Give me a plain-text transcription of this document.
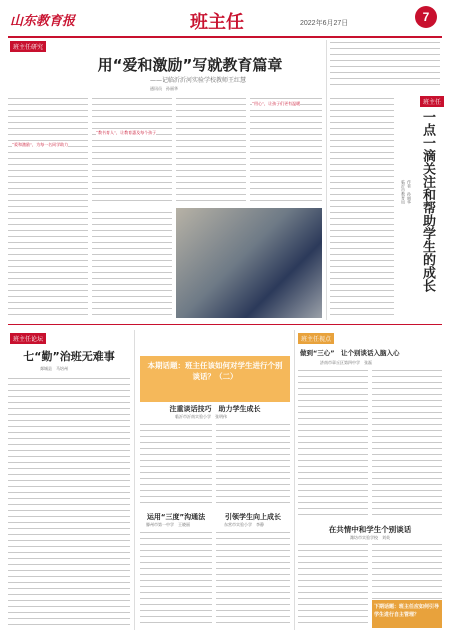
山东教育报	班主任	2022年6月27日	7
班主任研究
用“爱和激励”写就教育篇章
——记临沂沂河实验学校教师王红慧
通讯员　孙丽华
“爱和激励”，为每一名同学助力
“用心”，让孩子们更有温暖
“教书育人”，让教育惠及每个孩子
班主任
一点一滴关注和帮助学生的成长
作者　孙丽华
临沂市教育局
班主任论坛
七“勤”治班无难事
郯城县　马培州	本期话题：班主任该如何对学生进行个别谈话？（二）
注重谈话技巧　助力学生成长
临沂市沂南实验小学　张明伟
运用“三度”沟通法
滕州市第一中学　王晓丽
引领学生向上成长
东营市实验小学　李静
班主任视点
做到“三心”　让个别谈话入脑入心
济南市章丘区第四中学　张磊
在共情中和学生个别谈话
潍坊市实验学校　刘英
下期话题：班主任应如何引导学生进行自主管理？
